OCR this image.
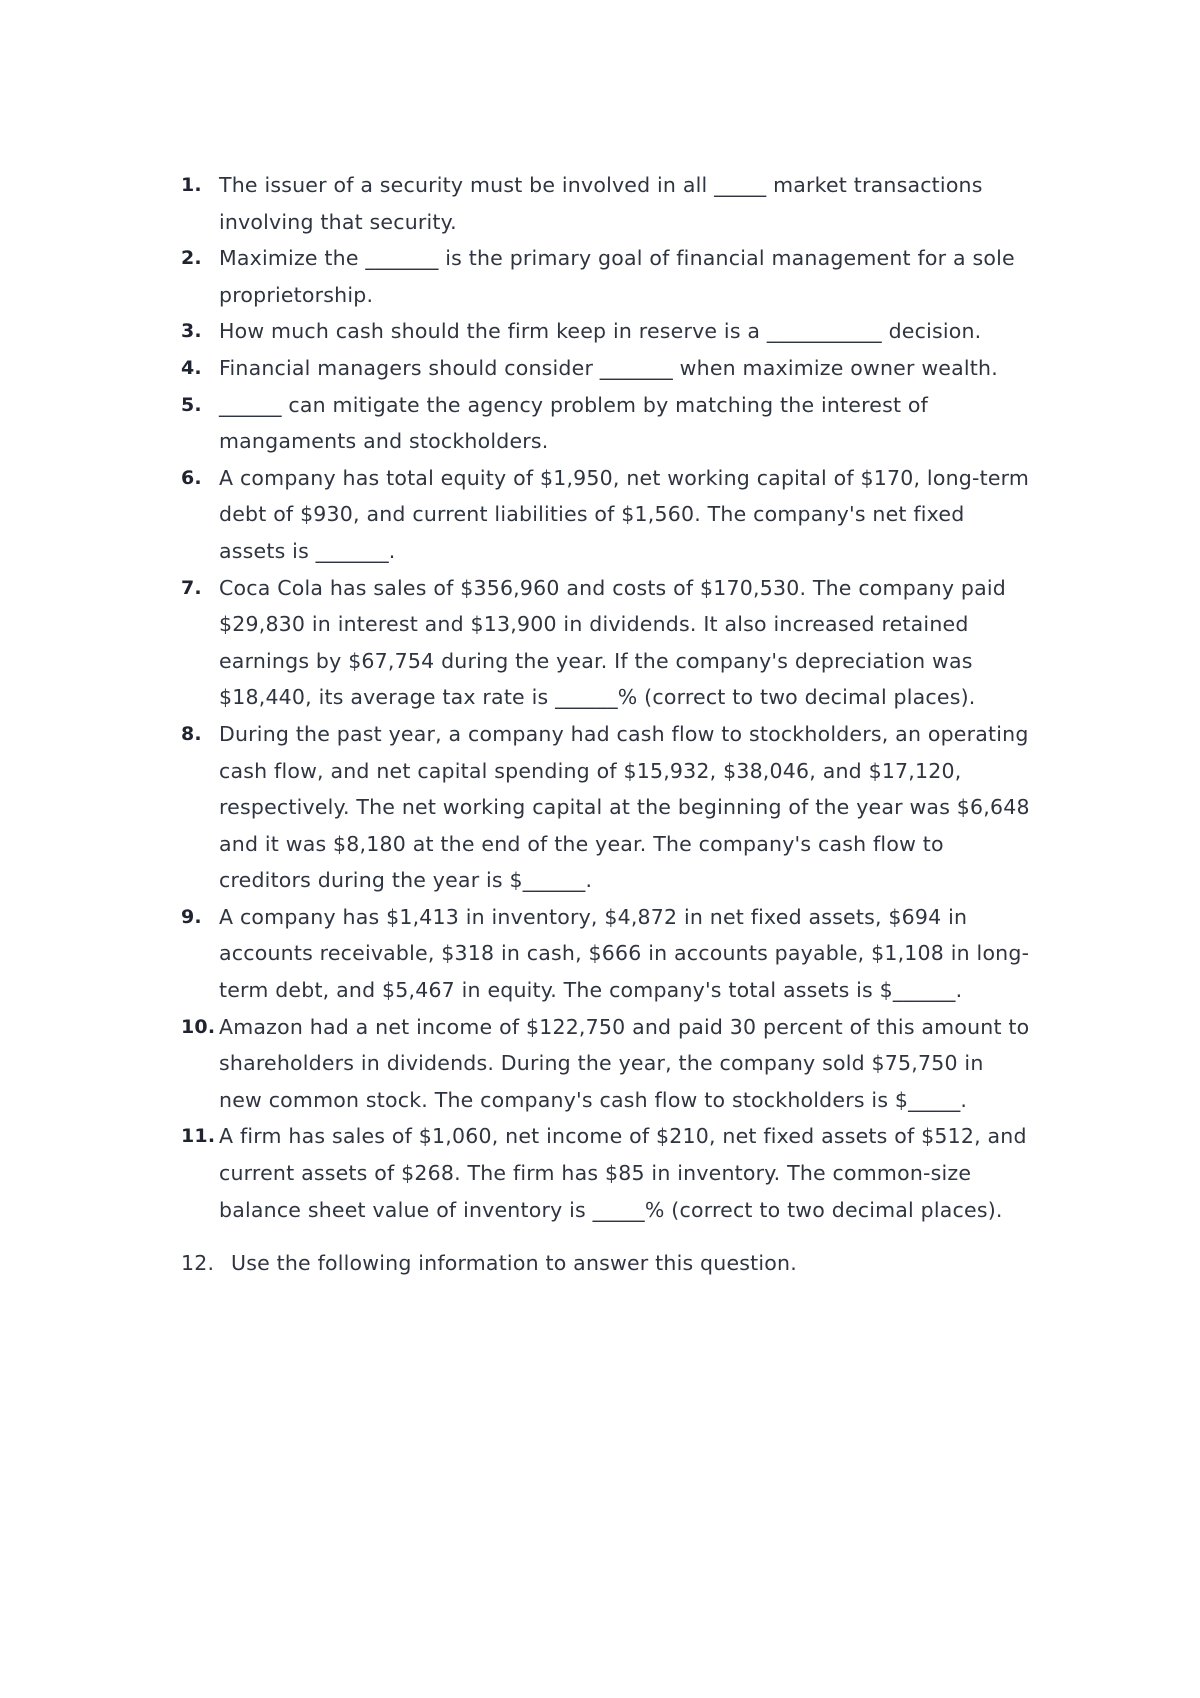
1. The issuer of a security must be involved in all _____ market transactions involving that security.
2. Maximize the _______ is the primary goal of financial management for a sole proprietorship.
3. How much cash should the firm keep in reserve is a ___________ decision.
4. Financial managers should consider _______ when maximize owner wealth.
5. ______ can mitigate the agency problem by matching the interest of mangaments and stockholders.
6. A company has total equity of $1,950, net working capital of $170, long-term debt of $930, and current liabilities of $1,560. The company's net fixed assets is _______.
7. Coca Cola has sales of $356,960 and costs of $170,530. The company paid $29,830 in interest and $13,900 in dividends. It also increased retained earnings by $67,754 during the year. If the company's depreciation was $18,440, its average tax rate is ______% (correct to two decimal places).
8. During the past year, a company had cash flow to stockholders, an operating cash flow, and net capital spending of $15,932, $38,046, and $17,120, respectively. The net working capital at the beginning of the year was $6,648 and it was $8,180 at the end of the year. The company's cash flow to creditors during the year is $______.
9. A company has $1,413 in inventory, $4,872 in net fixed assets, $694 in accounts receivable, $318 in cash, $666 in accounts payable, $1,108 in long-term debt, and $5,467 in equity. The company's total assets is $______.
10. Amazon had a net income of $122,750 and paid 30 percent of this amount to shareholders in dividends. During the year, the company sold $75,750 in new common stock. The company's cash flow to stockholders is $_____.
11. A firm has sales of $1,060, net income of $210, net fixed assets of $512, and current assets of $268. The firm has $85 in inventory. The common-size balance sheet value of inventory is _____% (correct to two decimal places).
12. Use the following information to answer this question.
